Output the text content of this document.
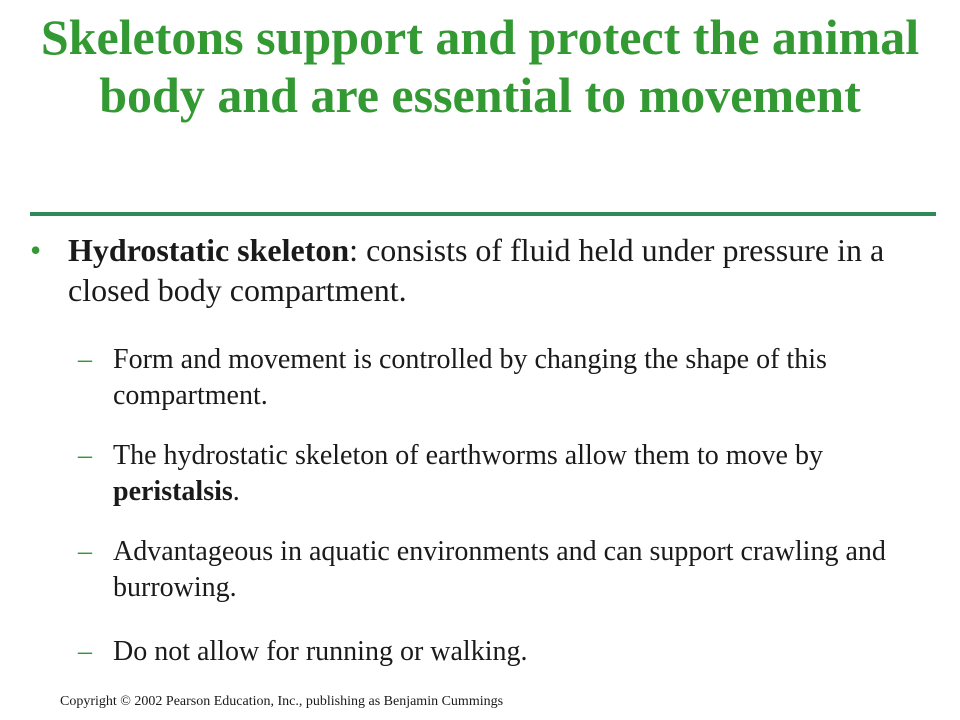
Skeletons support and protect the animal body and are essential to movement
• Hydrostatic skeleton: consists of fluid held under pressure in a closed body compartment.
– Form and movement is controlled by changing the shape of this compartment.
– The hydrostatic skeleton of earthworms allow them to move by peristalsis.
– Advantageous in aquatic environments and can support crawling and burrowing.
– Do not allow for running or walking.
Copyright © 2002 Pearson Education, Inc., publishing as Benjamin Cummings
